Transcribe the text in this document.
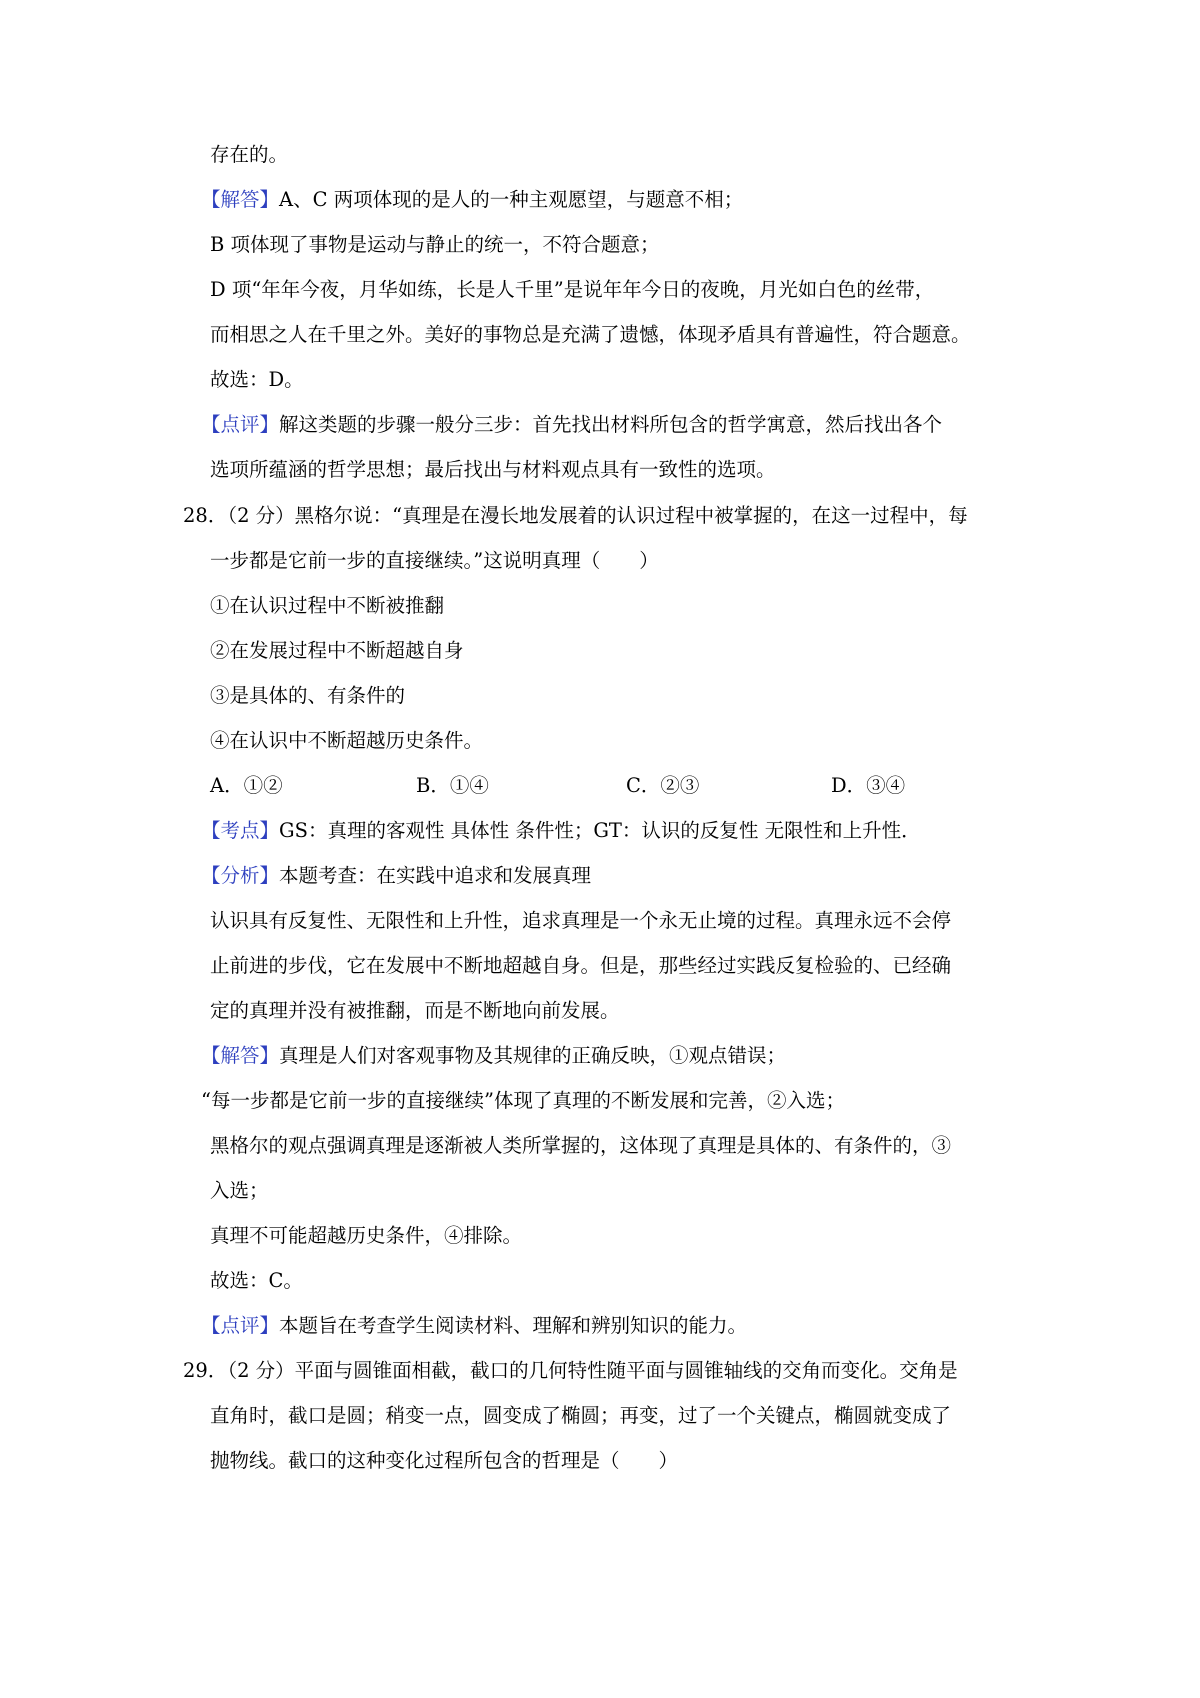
存在的。
【解答】A、C 两项体现的是人的一种主观愿望，与题意不相；
B 项体现了事物是运动与静止的统一，不符合题意；
D 项“年年今夜，月华如练，长是人千里”是说年年今日的夜晚，月光如白色的丝带，
而相思之人在千里之外。美好的事物总是充满了遗憾，体现矛盾具有普遍性，符合题意。
故选：D。
【点评】解这类题的步骤一般分三步：首先找出材料所包含的哲学寓意，然后找出各个
选项所蕴涵的哲学思想；最后找出与材料观点具有一致性的选项。
28．（2 分）黑格尔说：“真理是在漫长地发展着的认识过程中被掌握的，在这一过程中，每
一步都是它前一步的直接继续。”这说明真理（　　）
①在认识过程中不断被推翻
②在发展过程中不断超越自身
③是具体的、有条件的
④在认识中不断超越历史条件。
A．①②	B．①④	C．②③	D．③④
【考点】GS：真理的客观性 具体性 条件性；GT：认识的反复性 无限性和上升性．
【分析】本题考查：在实践中追求和发展真理
认识具有反复性、无限性和上升性，追求真理是一个永无止境的过程。真理永远不会停
止前进的步伐，它在发展中不断地超越自身。但是，那些经过实践反复检验的、已经确
定的真理并没有被推翻，而是不断地向前发展。
【解答】真理是人们对客观事物及其规律的正确反映，①观点错误；
“每一步都是它前一步的直接继续”体现了真理的不断发展和完善，②入选；
黑格尔的观点强调真理是逐渐被人类所掌握的，这体现了真理是具体的、有条件的，③
入选；
真理不可能超越历史条件，④排除。
故选：C。
【点评】本题旨在考查学生阅读材料、理解和辨别知识的能力。
29．（2 分）平面与圆锥面相截，截口的几何特性随平面与圆锥轴线的交角而变化。交角是
直角时，截口是圆；稍变一点，圆变成了椭圆；再变，过了一个关键点，椭圆就变成了
抛物线。截口的这种变化过程所包含的哲理是（　　）
